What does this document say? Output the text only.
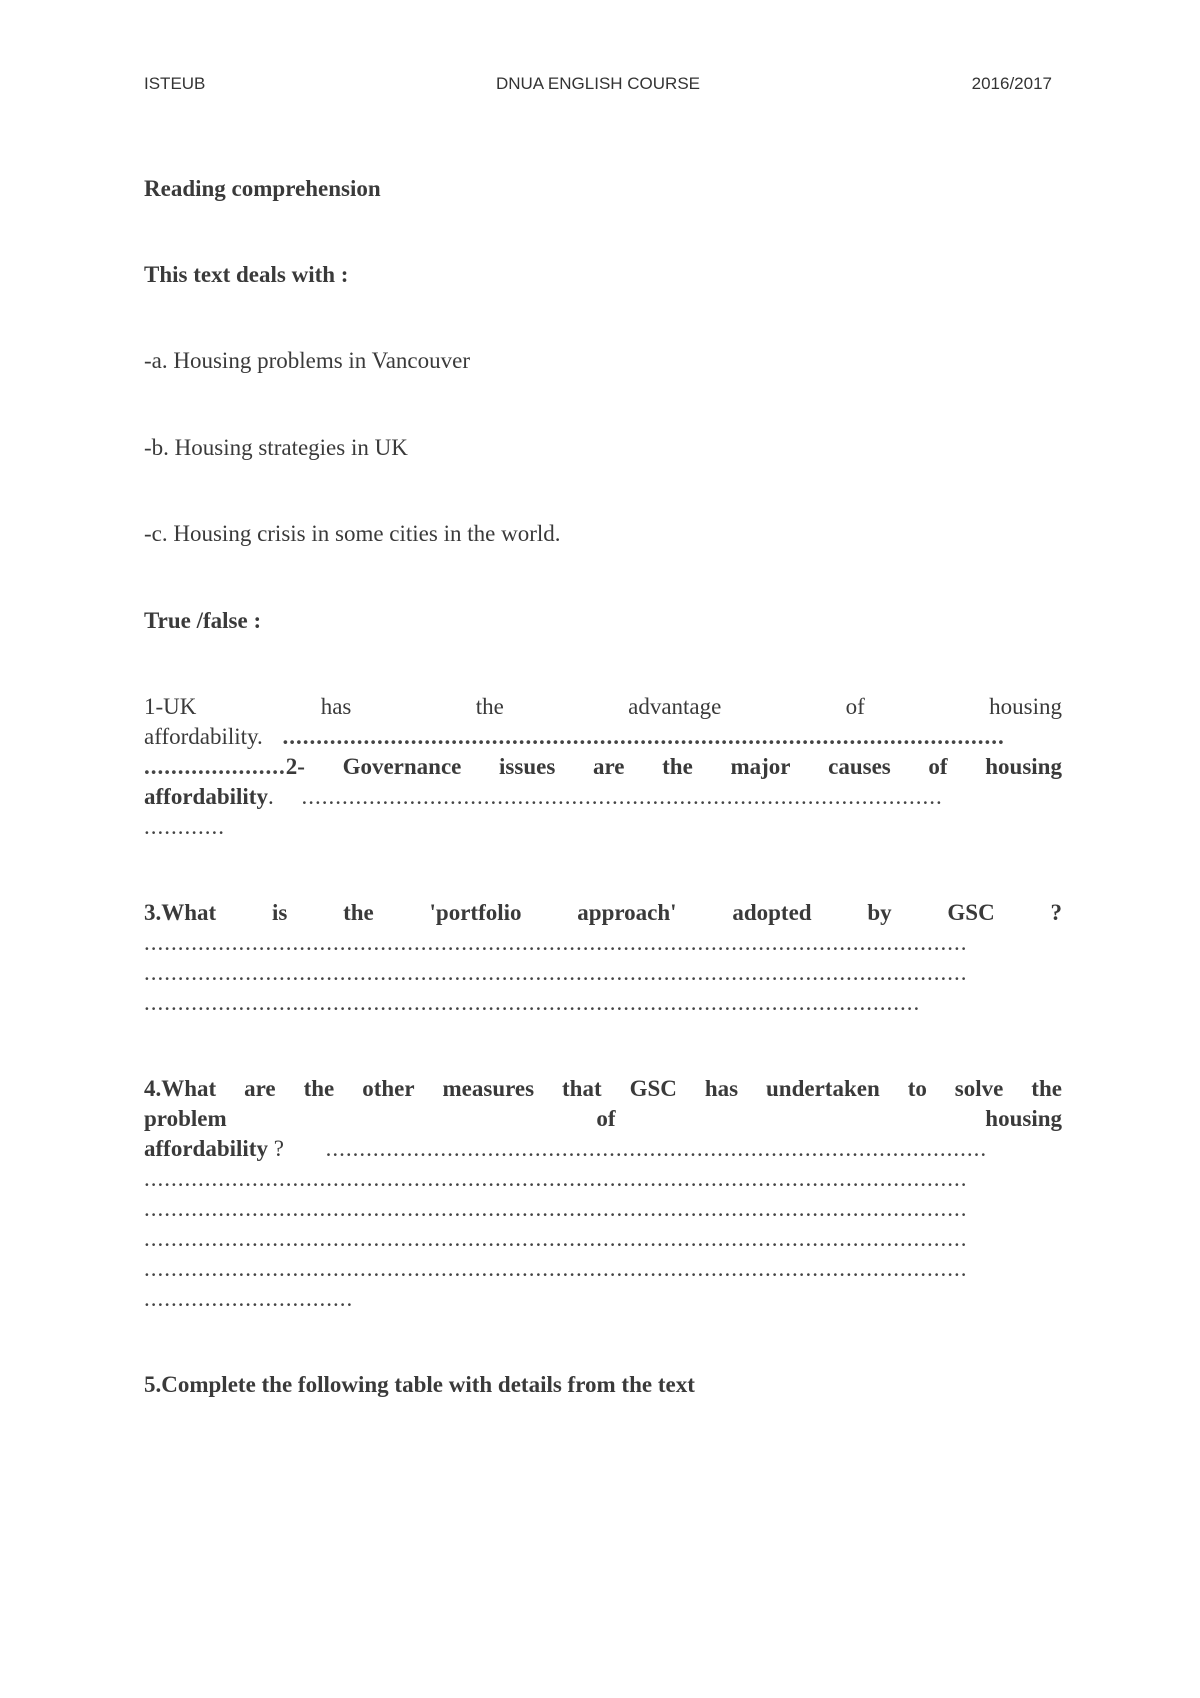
ISTEUB	DNUA ENGLISH COURSE	2016/2017
Reading comprehension
This text deals with :
-a. Housing problems in Vancouver
-b. Housing strategies in UK
-c. Housing crisis in some cities in the world.
True /false :
1-UK	has	the	advantage	of	housing
affordability. ...........................................................................................................
.....................2- Governance issues are the major causes of housing
affordability. ...............................................................................................
............
3.What is the 'portfolio approach' adopted by GSC ?
..........................................................................................................................
..........................................................................................................................
...................................................................................................................
4.What are the other measures that GSC has undertaken to solve the
problem	of	housing
affordability ? ..................................................................................................
..........................................................................................................................
..........................................................................................................................
..........................................................................................................................
..........................................................................................................................
...............................
5.Complete the following table with details from the text
